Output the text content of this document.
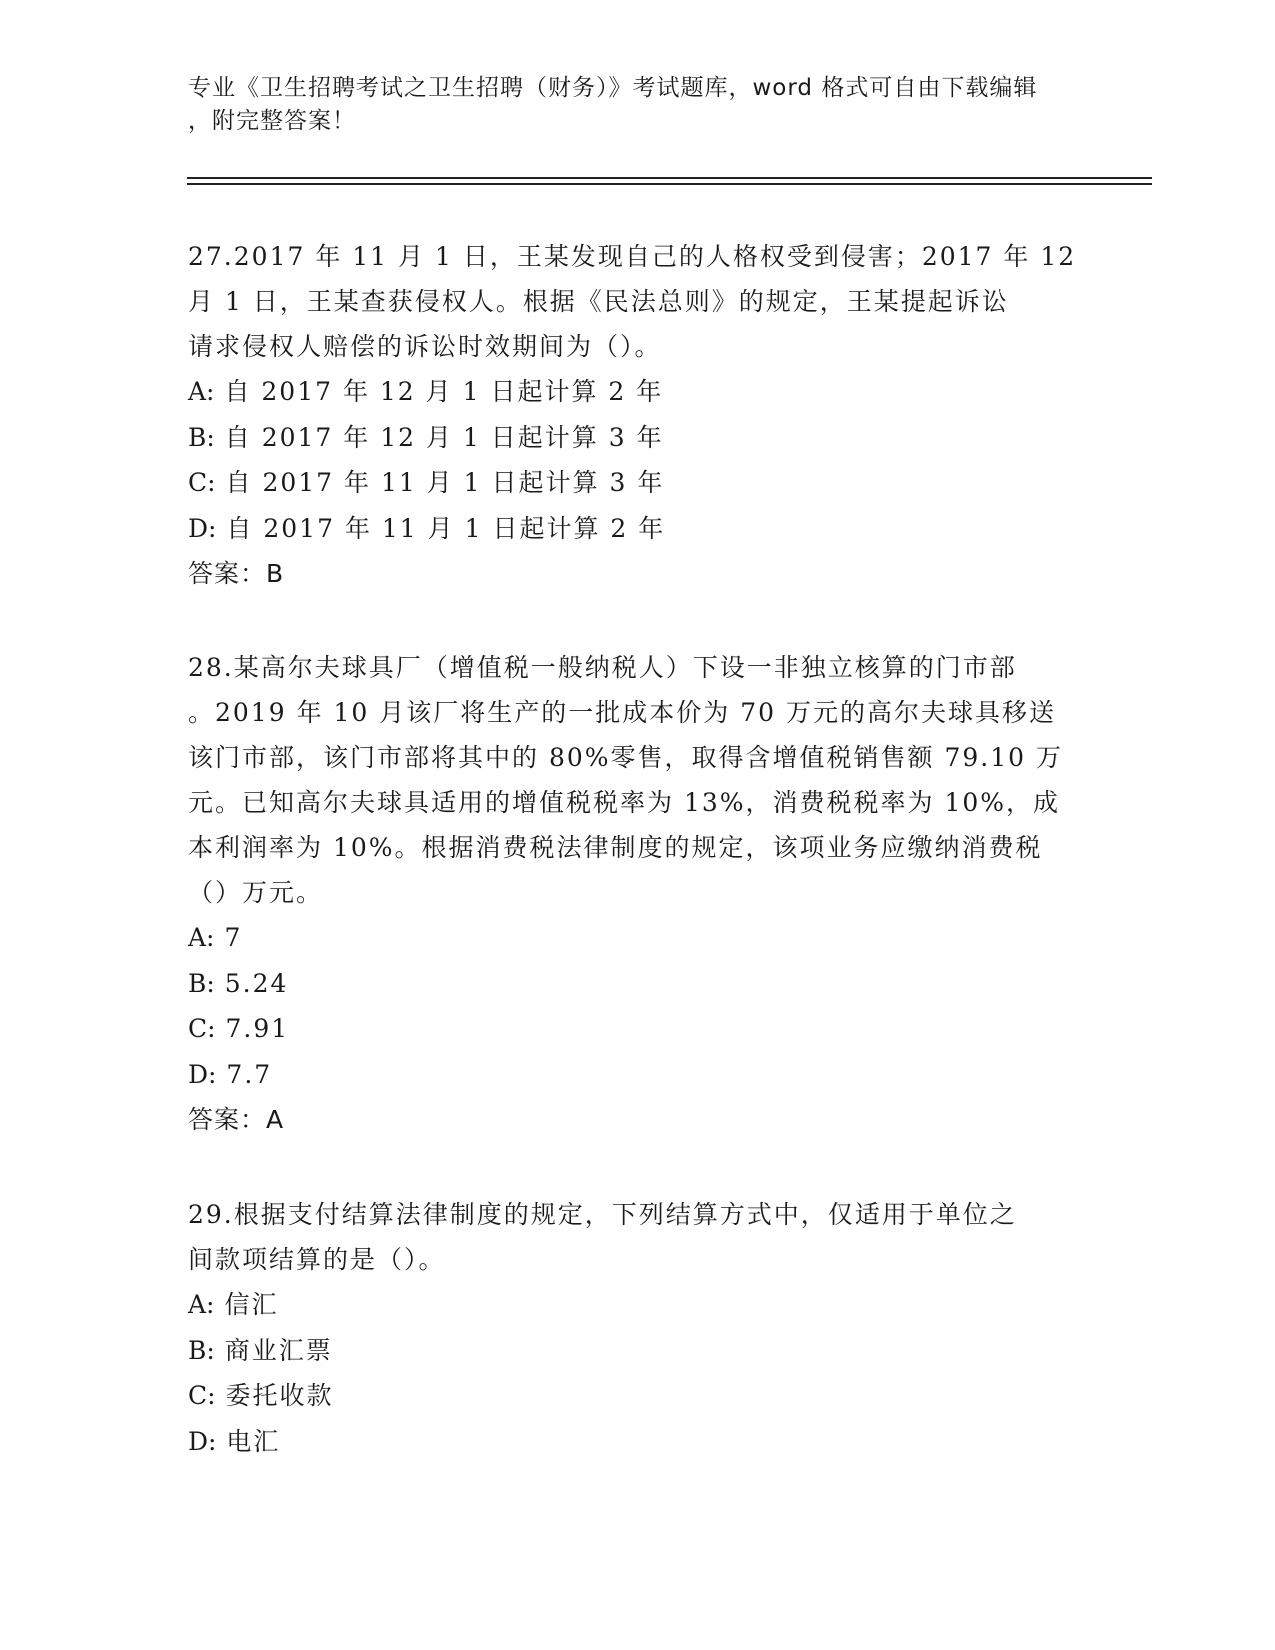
专业《卫生招聘考试之卫生招聘（财务）》考试题库，word 格式可自由下载编辑
，附完整答案！

27.2017 年 11 月 1 日，王某发现自己的人格权受到侵害；2017 年 12

月 1 日，王某查获侵权人。根据《民法总则》的规定，王某提起诉讼

请求侵权人赔偿的诉讼时效期间为（）。

A: 自 2017 年 12 月 1 日起计算 2 年

B: 自 2017 年 12 月 1 日起计算 3 年

C: 自 2017 年 11 月 1 日起计算 3 年

D: 自 2017 年 11 月 1 日起计算 2 年

答案：B

28.某高尔夫球具厂（增值税一般纳税人）下设一非独立核算的门市部

。2019 年 10 月该厂将生产的一批成本价为 70 万元的高尔夫球具移送

该门市部，该门市部将其中的 80%零售，取得含增值税销售额 79.10 万

元。已知高尔夫球具适用的增值税税率为 13%，消费税税率为 10%，成

本利润率为 10%。根据消费税法律制度的规定，该项业务应缴纳消费税

（）万元。

A: 7

B: 5.24

C: 7.91

D: 7.7

答案：A

29.根据支付结算法律制度的规定，下列结算方式中，仅适用于单位之

间款项结算的是（）。

A: 信汇

B: 商业汇票

C: 委托收款

D: 电汇
